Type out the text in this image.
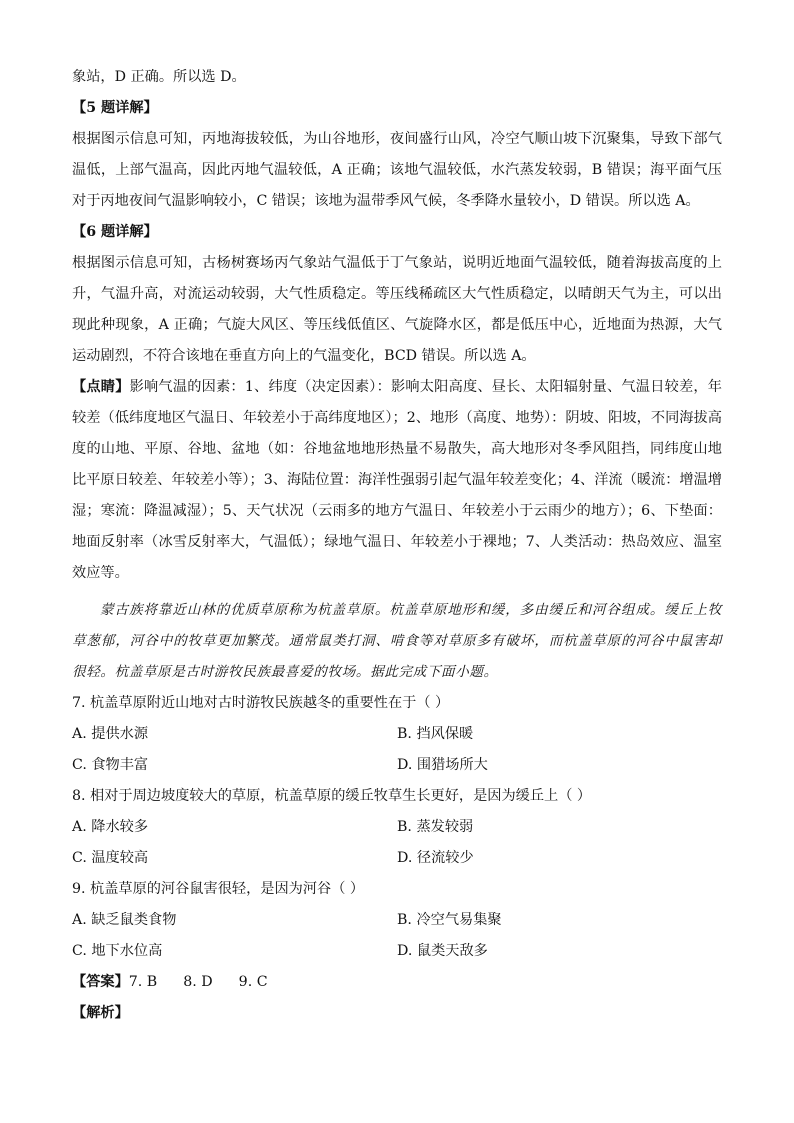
象站，D 正确。所以选 D。

【5 题详解】

根据图示信息可知，丙地海拔较低，为山谷地形，夜间盛行山风，冷空气顺山坡下沉聚集，导致下部气温低，上部气温高，因此丙地气温较低，A 正确；该地气温较低，水汽蒸发较弱，B 错误；海平面气压对于丙地夜间气温影响较小，C 错误；该地为温带季风气候，冬季降水量较小，D 错误。所以选 A。

【6 题详解】

根据图示信息可知，古杨树赛场丙气象站气温低于丁气象站，说明近地面气温较低，随着海拔高度的上升，气温升高，对流运动较弱，大气性质稳定。等压线稀疏区大气性质稳定，以晴朗天气为主，可以出现此种现象，A 正确；气旋大风区、等压线低值区、气旋降水区，都是低压中心，近地面为热源，大气运动剧烈，不符合该地在垂直方向上的气温变化，BCD 错误。所以选 A。

【点睛】影响气温的因素：1、纬度（决定因素）：影响太阳高度、昼长、太阳辐射量、气温日较差，年较差（低纬度地区气温日、年较差小于高纬度地区）；2、地形（高度、地势）：阴坡、阳坡，不同海拔高度的山地、平原、谷地、盆地（如：谷地盆地地形热量不易散失，高大地形对冬季风阻挡，同纬度山地比平原日较差、年较差小等）；3、海陆位置：海洋性强弱引起气温年较差变化；4、洋流（暖流：增温增湿；寒流：降温减湿）；5、天气状况（云雨多的地方气温日、年较差小于云雨少的地方）；6、下垫面：地面反射率（冰雪反射率大，气温低）；绿地气温日、年较差小于裸地；7、人类活动：热岛效应、温室效应等。

蒙古族将靠近山林的优质草原称为杭盖草原。杭盖草原地形和缓，多由缓丘和河谷组成。缓丘上牧草葱郁，河谷中的牧草更加繁茂。通常鼠类打洞、啃食等对草原多有破坏，而杭盖草原的河谷中鼠害却很轻。杭盖草原是古时游牧民族最喜爱的牧场。据此完成下面小题。

7. 杭盖草原附近山地对古时游牧民族越冬的重要性在于（ ）

A. 提供水源	B. 挡风保暖
C. 食物丰富	D. 围猎场所大

8. 相对于周边坡度较大的草原，杭盖草原的缓丘牧草生长更好，是因为缓丘上（ ）

A. 降水较多	B. 蒸发较弱
C. 温度较高	D. 径流较少

9. 杭盖草原的河谷鼠害很轻，是因为河谷（ ）

A. 缺乏鼠类食物	B. 冷空气易集聚
C. 地下水位高	D. 鼠类天敌多

【答案】7. B 8. D 9. C

【解析】
